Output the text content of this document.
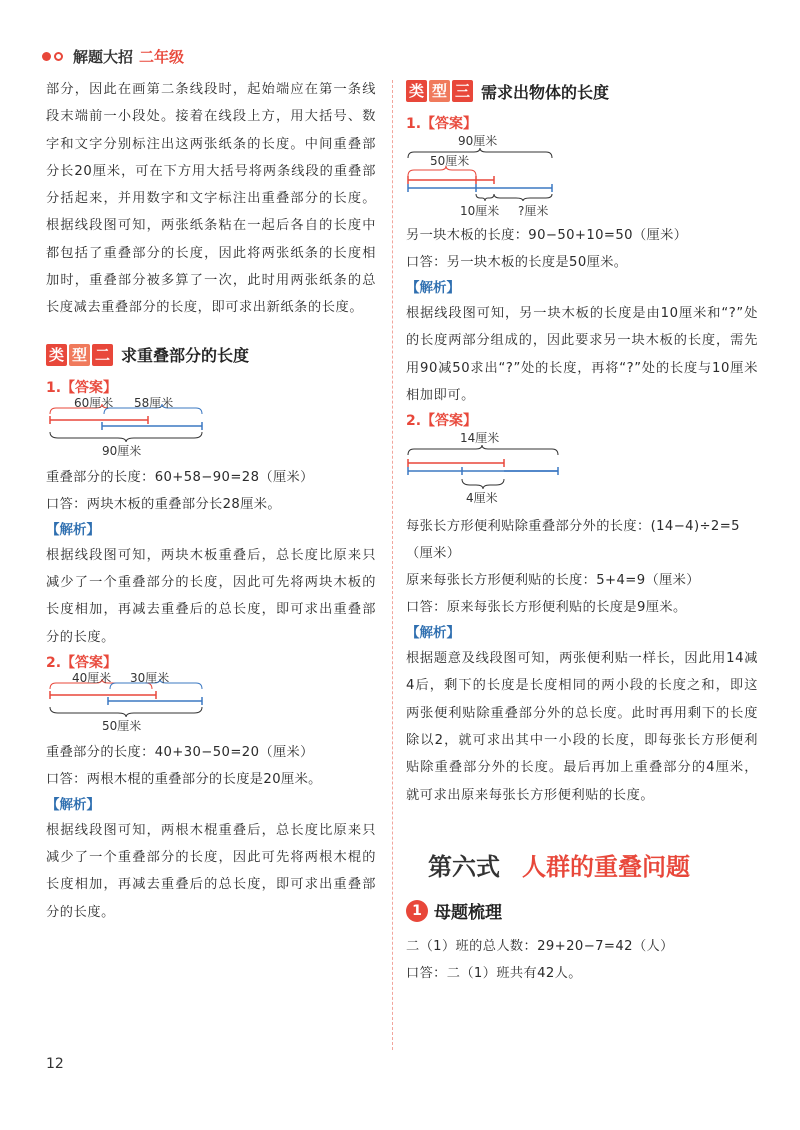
解题大招 二年级

部分，因此在画第二条线段时，起始端应在第一条线段末端前一小段处。接着在线段上方，用大括号、数字和文字分别标注出这两张纸条的长度。中间重叠部分长20厘米，可在下方用大括号将两条线段的重叠部分括起来，并用数字和文字标注出重叠部分的长度。根据线段图可知，两张纸条粘在一起后各自的长度中都包括了重叠部分的长度，因此将两张纸条的长度相加时，重叠部分被多算了一次，此时用两张纸条的总长度减去重叠部分的长度，即可求出新纸条的长度。

类 型 二 求重叠部分的长度
1.【答案】
60厘米 58厘米
90厘米
重叠部分的长度：60+58−90=28（厘米）
口答：两块木板的重叠部分长28厘米。
【解析】

根据线段图可知，两块木板重叠后，总长度比原来只减少了一个重叠部分的长度，因此可先将两块木板的长度相加，再减去重叠后的总长度，即可求出重叠部分的长度。

2.【答案】
40厘米 30厘米
50厘米
重叠部分的长度：40+30−50=20（厘米）
口答：两根木棍的重叠部分的长度是20厘米。
【解析】

根据线段图可知，两根木棍重叠后，总长度比原来只减少了一个重叠部分的长度，因此可先将两根木棍的长度相加，再减去重叠后的总长度，即可求出重叠部分的长度。

类 型 三 需求出物体的长度
1.【答案】
90厘米
50厘米
10厘米 ?厘米
另一块木板的长度：90−50+10=50（厘米）
口答：另一块木板的长度是50厘米。
【解析】

根据线段图可知，另一块木板的长度是由10厘米和“?”处的长度两部分组成的，因此要求另一块木板的长度，需先用90减50求出“?”处的长度，再将“?”处的长度与10厘米相加即可。

2.【答案】
14厘米
4厘米
每张长方形便利贴除重叠部分外的长度：(14−4)÷2=5（厘米）
原来每张长方形便利贴的长度：5+4=9（厘米）
口答：原来每张长方形便利贴的长度是9厘米。
【解析】

根据题意及线段图可知，两张便利贴一样长，因此用14减4后，剩下的长度是长度相同的两小段的长度之和，即这两张便利贴除重叠部分外的总长度。此时再用剩下的长度除以2，就可求出其中一小段的长度，即每张长方形便利贴除重叠部分外的长度。最后再加上重叠部分的4厘米，就可求出原来每张长方形便利贴的长度。

第六式 人群的重叠问题
1 母题梳理
二（1）班的总人数：29+20−7=42（人）
口答：二（1）班共有42人。
12
